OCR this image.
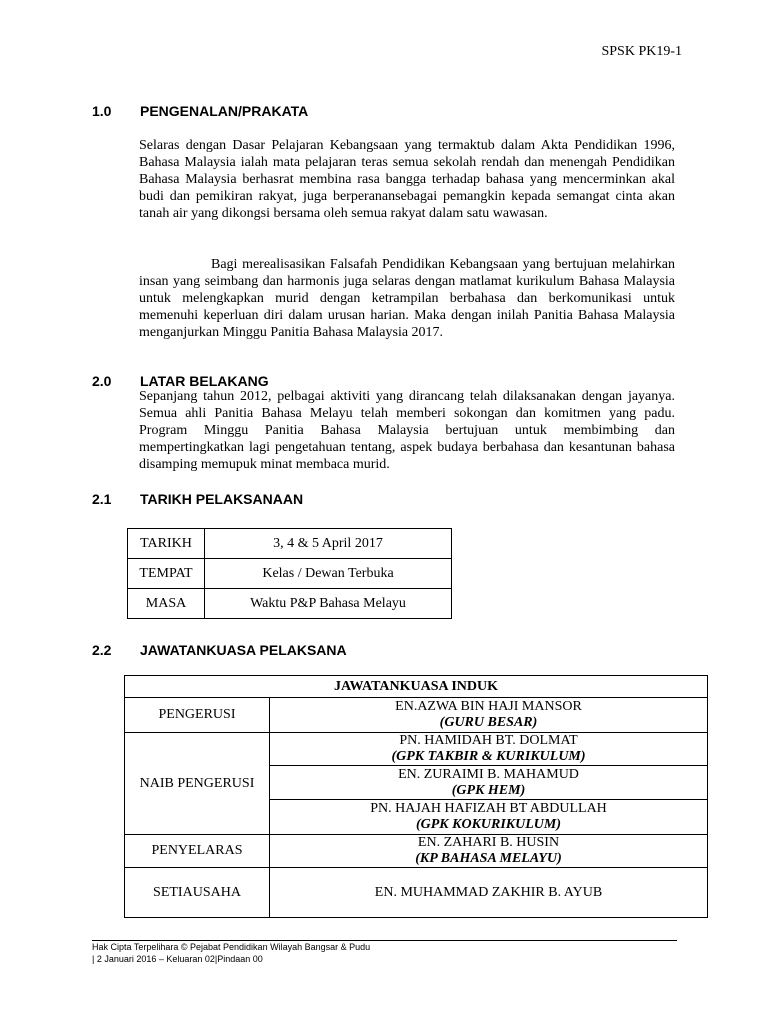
SPSK PK19-1
1.0	PENGENALAN/PRAKATA

Selaras dengan Dasar Pelajaran Kebangsaan yang termaktub dalam Akta Pendidikan 1996, Bahasa Malaysia ialah mata pelajaran teras semua sekolah rendah dan menengah Pendidikan Bahasa Malaysia berhasrat membina rasa bangga terhadap bahasa yang mencerminkan akal budi dan pemikiran rakyat, juga berperanansebagai pemangkin kepada semangat cinta akan tanah air yang dikongsi bersama oleh semua rakyat dalam satu wawasan.

Bagi merealisasikan Falsafah Pendidikan Kebangsaan yang bertujuan melahirkan insan yang seimbang dan harmonis juga selaras dengan matlamat kurikulum Bahasa Malaysia untuk melengkapkan murid dengan ketrampilan berbahasa dan berkomunikasi untuk memenuhi keperluan diri dalam urusan harian. Maka dengan inilah Panitia Bahasa Malaysia menganjurkan Minggu Panitia Bahasa Malaysia 2017.

2.0	LATAR BELAKANG

Sepanjang tahun 2012, pelbagai aktiviti yang dirancang telah dilaksanakan dengan jayanya. Semua ahli Panitia Bahasa Melayu telah memberi sokongan dan komitmen yang padu. Program Minggu Panitia Bahasa Malaysia bertujuan untuk membimbing dan mempertingkatkan lagi pengetahuan tentang, aspek budaya berbahasa dan kesantunan bahasa disamping memupuk minat membaca murid.

2.1	TARIKH PELAKSANAAN
TARIKH	3, 4 & 5 April 2017
TEMPAT	Kelas / Dewan Terbuka
MASA	Waktu P&P Bahasa Melayu
2.2	JAWATANKUASA PELAKSANA
JAWATANKUASA INDUK	
PENGERUSI	EN.AZWA BIN HAJI MANSOR
(GURU BESAR)

NAIB PENGERUSI	PN. HAMIDAH BT. DOLMAT
(GPK TAKBIR & KURIKULUM)

	EN. ZURAIMI B. MAHAMUD
(GPK HEM)

	PN. HAJAH HAFIZAH BT ABDULLAH
(GPK KOKURIKULUM)

PENYELARAS	EN. ZAHARI B. HUSIN
(KP BAHASA MELAYU)

SETIAUSAHA	EN. MUHAMMAD ZAKHIR B. AYUB
Hak Cipta Terpelihara © Pejabat Pendidikan Wilayah Bangsar & Pudu
| 2 Januari 2016 – Keluaran 02|Pindaan 00
